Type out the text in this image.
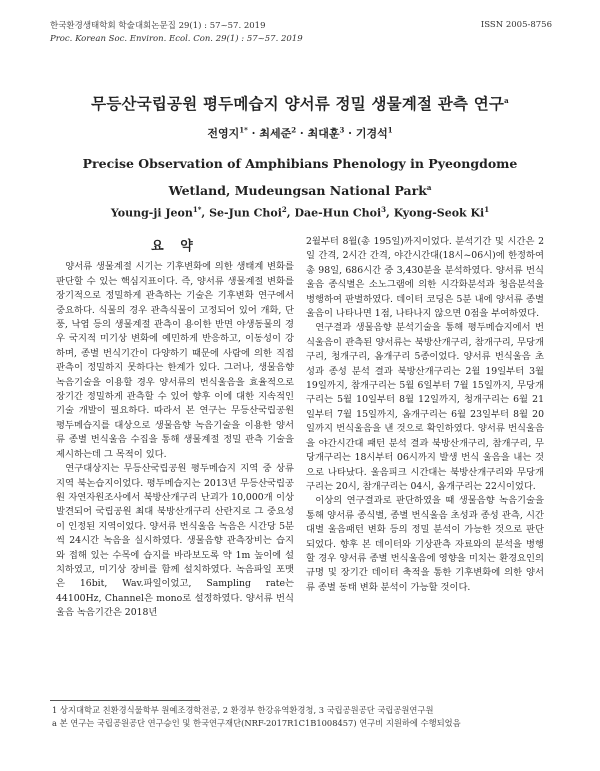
한국환경생태학회 학술대회논문집 29(1) : 57~57. 2019
Proc. Korean Soc. Environ. Ecol. Con. 29(1) : 57~57. 2019
ISSN 2005-8756
무등산국립공원 평두메습지 양서류 정밀 생물계절 관측 연구$^a$
전영지$^{1*}$ · 최세준$^2$ · 최대훈$^3$ · 기경석$^1$
Precise Observation of Amphibians Phenology in Pyeongdome Wetland, Mudeungsan National Park$^a$
Young-ji Jeon$^{1*}$, Se-Jun Choi$^2$, Dae-Hun Choi$^3$, Kyong-Seok Ki$^1$
요 약

양서류 생물계절 시기는 기후변화에 의한 생태계 변화를 판단할 수 있는 핵심지표이다. 즉, 양서류 생물계절 변화를 장기적으로 정밀하게 관측하는 기술은 기후변화 연구에서 중요하다. 식물의 경우 관측식물이 고정되어 있어 개화, 단풍, 낙엽 등의 생물계절 관측이 용이한 반면 야생동물의 경우 국지적 미기상 변화에 예민하게 반응하고, 이동성이 강하며, 종별 번식기간이 다양하기 때문에 사람에 의한 직접 관측이 정밀하지 못하다는 한계가 있다. 그러나, 생물음향 녹음기술을 이용할 경우 양서류의 번식울음을 효율적으로 장기간 정밀하게 관측할 수 있어 향후 이에 대한 지속적인 기술 개발이 필요하다. 따라서 본 연구는 무등산국립공원 평두메습지를 대상으로 생물음향 녹음기술을 이용한 양서류 종별 번식울음 수집을 통해 생물계절 정밀 관측 기술을 제시하는데 그 목적이 있다.

연구대상지는 무등산국립공원 평두메습지 지역 중 상류지역 북논습지이었다. 평두메습지는 2013년 무등산국립공원 자연자원조사에서 북방산개구리 난괴가 10,000개 이상 발견되어 국립공원 최대 북방산개구리 산란지로 그 중요성이 인정된 지역이었다. 양서류 번식울음 녹음은 시간당 5분씩 24시간 녹음을 실시하였다. 생물음향 관측장비는 습지와 접해 있는 수목에 습지를 바라보도록 약 1m 높이에 설치하였고, 미기상 장비를 함께 설치하였다. 녹음파일 포맷은 16bit, Wav.파일이었고, Sampling rate는 44100Hz, Channel은 mono로 설정하였다. 양서류 번식울음 녹음기간은 2018년

2월부터 8월(총 195일)까지이었다. 분석기간 및 시간은 2일 간격, 2시간 간격, 야간시간대(18시~06시)에 한정하여 총 98일, 686시간 중 3,430분을 분석하였다. 양서류 번식울음 종식별은 소노그램에 의한 시각화분석과 청음분석을 병행하여 판별하였다. 데이터 코딩은 5분 내에 양서류 종별 울음이 나타나면 1점, 나타나지 않으면 0점을 부여하였다.

연구결과 생물음향 분석기술을 통해 평두메습지에서 번식울음이 관측된 양서류는 북방산개구리, 참개구리, 무당개구리, 청개구리, 옴개구리 5종이었다. 양서류 번식울음 초성과 종성 분석 결과 북방산개구리는 2월 19일부터 3월 19일까지, 참개구리는 5월 6일부터 7월 15일까지, 무당개구리는 5월 10일부터 8월 12일까지, 청개구리는 6월 21일부터 7월 15일까지, 옴개구리는 6월 23일부터 8월 20일까지 번식울음을 낸 것으로 확인하였다. 양서류 번식울음을 야간시간대 패턴 분석 결과 북방산개구리, 참개구리, 무당개구리는 18시부터 06시까지 발생 번식 울음을 내는 것으로 나타났다. 울음피크 시간대는 북방산개구리와 무당개구리는 20시, 참개구리는 04시, 옴개구리는 22시이었다.

이상의 연구결과로 판단하였을 때 생물음향 녹음기술을 통해 양서류 종식별, 종별 번식울음 초성과 종성 관측, 시간대별 울음패턴 변화 등의 정밀 분석이 가능한 것으로 판단되었다. 향후 본 데이터와 기상관측 자료와의 분석을 병행할 경우 양서류 종별 번식울음에 영향을 미치는 환경요인의 규명 및 장기간 데이터 축적을 통한 기후변화에 의한 양서류 종별 동태 변화 분석이 가능할 것이다.

1 상지대학교 친환경식물학부 원예조경학전공, 2 환경부 한강유역환경청, 3 국립공원공단 국립공원연구원
a 본 연구는 국립공원공단 연구승인 및 한국연구재단(NRF-2017R1C1B1008457) 연구비 지원하에 수행되었음
